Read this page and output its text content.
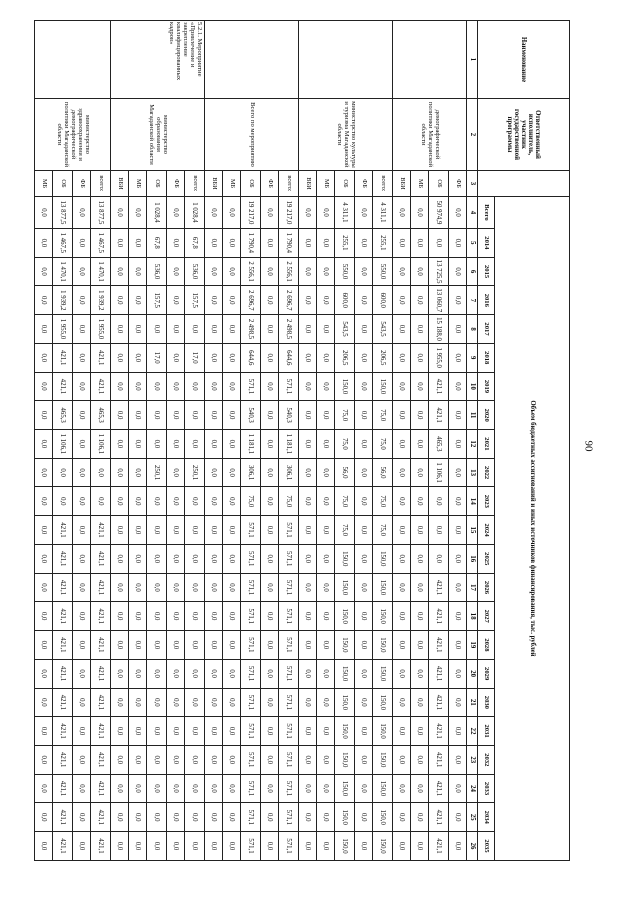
90
Наименование	Ответственный исполнитель, участник государственной программы		Объем бюджетных ассигнований и иных источников финансирования, тыс. рублей																						
			Всего	2014	2015	2016	2017	2018	2019	2020	2021	2022	2023	2024	2025	2026	2027	2028	2029	2030	2031	2032	2033	2034	2035
1	2	3	4	5	6	7	8	9	10	11	12	13	14	15	16	17	18	19	20	21	22	23	24	25	26
	демографической политики Магаданской области	ФБ	0,0	0,0	0,0	0,0	0,0	0,0	0,0	0,0	0,0	0,0	0,0	0,0	0,0	0,0	0,0	0,0	0,0	0,0	0,0	0,0	0,0	0,0	0,0
		ОБ	50 974,9	0,0	13 725,5	13 060,7	15 188,0	1 955,0	421,1	421,1	465,3	1 106,1	0,0	0,0	0,0	421,1	421,1	421,1	421,1	421,1	421,1	421,1	421,1	421,1	421,1
		МБ	0,0	0,0	0,0	0,0	0,0	0,0	0,0	0,0	0,0	0,0	0,0	0,0	0,0	0,0	0,0	0,0	0,0	0,0	0,0	0,0	0,0	0,0	0,0
		ВБИ	0,0	0,0	0,0	0,0	0,0	0,0	0,0	0,0	0,0	0,0	0,0	0,0	0,0	0,0	0,0	0,0	0,0	0,0	0,0	0,0	0,0	0,0	0,0
	министерство культуры и туризма Магаданской области	всего:	4 311,1	255,1	550,0	600,0	543,5	206,5	150,0	75,0	75,0	56,0	75,0	75,0	150,0	150,0	150,0	150,0	150,0	150,0	150,0	150,0	150,0	150,0	150,0
		ФБ	0,0	0,0	0,0	0,0	0,0	0,0	0,0	0,0	0,0	0,0	0,0	0,0	0,0	0,0	0,0	0,0	0,0	0,0	0,0	0,0	0,0	0,0	0,0
		ОБ	4 311,1	255,1	550,0	600,0	543,5	206,5	150,0	75,0	75,0	56,0	75,0	75,0	150,0	150,0	150,0	150,0	150,0	150,0	150,0	150,0	150,0	150,0	150,0
		МБ	0,0	0,0	0,0	0,0	0,0	0,0	0,0	0,0	0,0	0,0	0,0	0,0	0,0	0,0	0,0	0,0	0,0	0,0	0,0	0,0	0,0	0,0	0,0
		ВБИ	0,0	0,0	0,0	0,0	0,0	0,0	0,0	0,0	0,0	0,0	0,0	0,0	0,0	0,0	0,0	0,0	0,0	0,0	0,0	0,0	0,0	0,0	0,0
	Всего по мероприятию	всего:	19 217,0	1 790,4	2 556,1	2 696,7	2 498,5	644,6	571,1	540,3	1 181,1	306,1	75,0	571,1	571,1	571,1	571,1	571,1	571,1	571,1	571,1	571,1	571,1	571,1	571,1
		ФБ	0,0	0,0	0,0	0,0	0,0	0,0	0,0	0,0	0,0	0,0	0,0	0,0	0,0	0,0	0,0	0,0	0,0	0,0	0,0	0,0	0,0	0,0	0,0
		ОБ	19 217,0	1 790,4	2 556,1	2 696,7	2 498,5	644,6	571,1	540,3	1 181,1	306,1	75,0	571,1	571,1	571,1	571,1	571,1	571,1	571,1	571,1	571,1	571,1	571,1	571,1
		МБ	0,0	0,0	0,0	0,0	0,0	0,0	0,0	0,0	0,0	0,0	0,0	0,0	0,0	0,0	0,0	0,0	0,0	0,0	0,0	0,0	0,0	0,0	0,0
		ВБИ	0,0	0,0	0,0	0,0	0,0	0,0	0,0	0,0	0,0	0,0	0,0	0,0	0,0	0,0	0,0	0,0	0,0	0,0	0,0	0,0	0,0	0,0	0,0
5.2.1. Мероприятие «Привлечение и закрепление квалифицированных кадров»	министерство образования Магаданской области	всего:	1 028,4	67,8	536,0	157,5	0,0	17,0	0,0	0,0	0,0	250,1	0,0	0,0	0,0	0,0	0,0	0,0	0,0	0,0	0,0	0,0	0,0	0,0	0,0
		ФБ	0,0	0,0	0,0	0,0	0,0	0,0	0,0	0,0	0,0	0,0	0,0	0,0	0,0	0,0	0,0	0,0	0,0	0,0	0,0	0,0	0,0	0,0	0,0
		ОБ	1 028,4	67,8	536,0	157,5	0,0	17,0	0,0	0,0	0,0	250,1	0,0	0,0	0,0	0,0	0,0	0,0	0,0	0,0	0,0	0,0	0,0	0,0	0,0
		МБ	0,0	0,0	0,0	0,0	0,0	0,0	0,0	0,0	0,0	0,0	0,0	0,0	0,0	0,0	0,0	0,0	0,0	0,0	0,0	0,0	0,0	0,0	0,0
		ВБИ	0,0	0,0	0,0	0,0	0,0	0,0	0,0	0,0	0,0	0,0	0,0	0,0	0,0	0,0	0,0	0,0	0,0	0,0	0,0	0,0	0,0	0,0	0,0
	министерство здравоохранения и демографической политики Магаданской области	всего:	13 877,5	1 467,5	1 470,1	1 939,2	1 955,0	421,1	421,1	465,3	1 106,1	0,0	0,0	421,1	421,1	421,1	421,1	421,1	421,1	421,1	421,1	421,1	421,1	421,1	421,1
		ФБ	0,0	0,0	0,0	0,0	0,0	0,0	0,0	0,0	0,0	0,0	0,0	0,0	0,0	0,0	0,0	0,0	0,0	0,0	0,0	0,0	0,0	0,0	0,0
		ОБ	13 877,5	1 467,5	1 470,1	1 939,2	1 955,0	421,1	421,1	465,3	1 106,1	0,0	0,0	421,1	421,1	421,1	421,1	421,1	421,1	421,1	421,1	421,1	421,1	421,1	421,1
		МБ	0,0	0,0	0,0	0,0	0,0	0,0	0,0	0,0	0,0	0,0	0,0	0,0	0,0	0,0	0,0	0,0	0,0	0,0	0,0	0,0	0,0	0,0	0,0
